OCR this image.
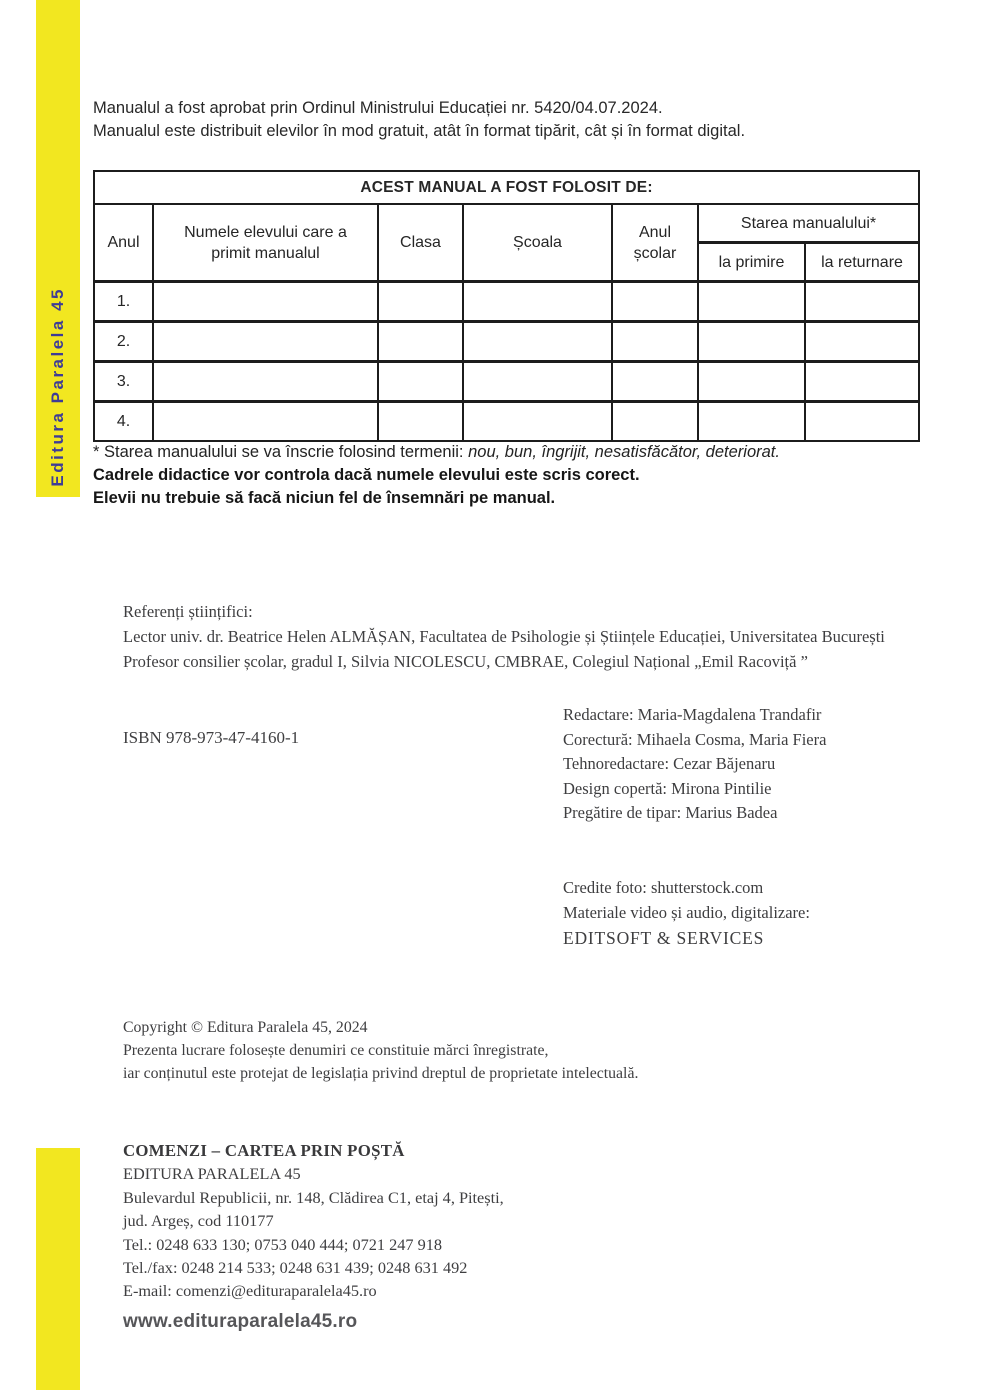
Editura Paralela 45
Manualul a fost aprobat prin Ordinul Ministrului Educației nr. 5420/04.07.2024.
Manualul este distribuit elevilor în mod gratuit, atât în format tipărit, cât și în format digital.
ACEST MANUAL A FOST FOLOSIT DE:						
Anul	Numele elevului care a primit manualul	Clasa	Școala	Anul școlar	Starea manualului*	
					la primire	la returnare
1.						
2.						
3.						
4.						
* Starea manualului se va înscrie folosind termenii: nou, bun, îngrijit, nesatisfăcător, deteriorat.
Cadrele didactice vor controla dacă numele elevului este scris corect.
Elevii nu trebuie să facă niciun fel de însemnări pe manual.
Referenți științifici:
Lector univ. dr. Beatrice Helen ALMĂȘAN, Facultatea de Psihologie și Științele Educației, Universitatea București
Profesor consilier școlar, gradul I, Silvia NICOLESCU, CMBRAE, Colegiul Național „Emil Racoviță ”
ISBN 978-973-47-4160-1
Redactare: Maria-Magdalena Trandafir
Corectură: Mihaela Cosma, Maria Fiera
Tehnoredactare: Cezar Băjenaru
Design copertă: Mirona Pintilie
Pregătire de tipar: Marius Badea
Credite foto: shutterstock.com
Materiale video și audio, digitalizare:
EDITSOFT & SERVICES
Copyright © Editura Paralela 45, 2024
Prezenta lucrare folosește denumiri ce constituie mărci înregistrate,
iar conținutul este protejat de legislația privind dreptul de proprietate intelectuală.
COMENZI – CARTEA PRIN POȘTĂ
EDITURA PARALELA 45
Bulevardul Republicii, nr. 148, Clădirea C1, etaj 4, Pitești,
jud. Argeș, cod 110177
Tel.: 0248 633 130; 0753 040 444; 0721 247 918
Tel./fax: 0248 214 533; 0248 631 439; 0248 631 492
E-mail: comenzi@edituraparalela45.ro
www.edituraparalela45.ro
